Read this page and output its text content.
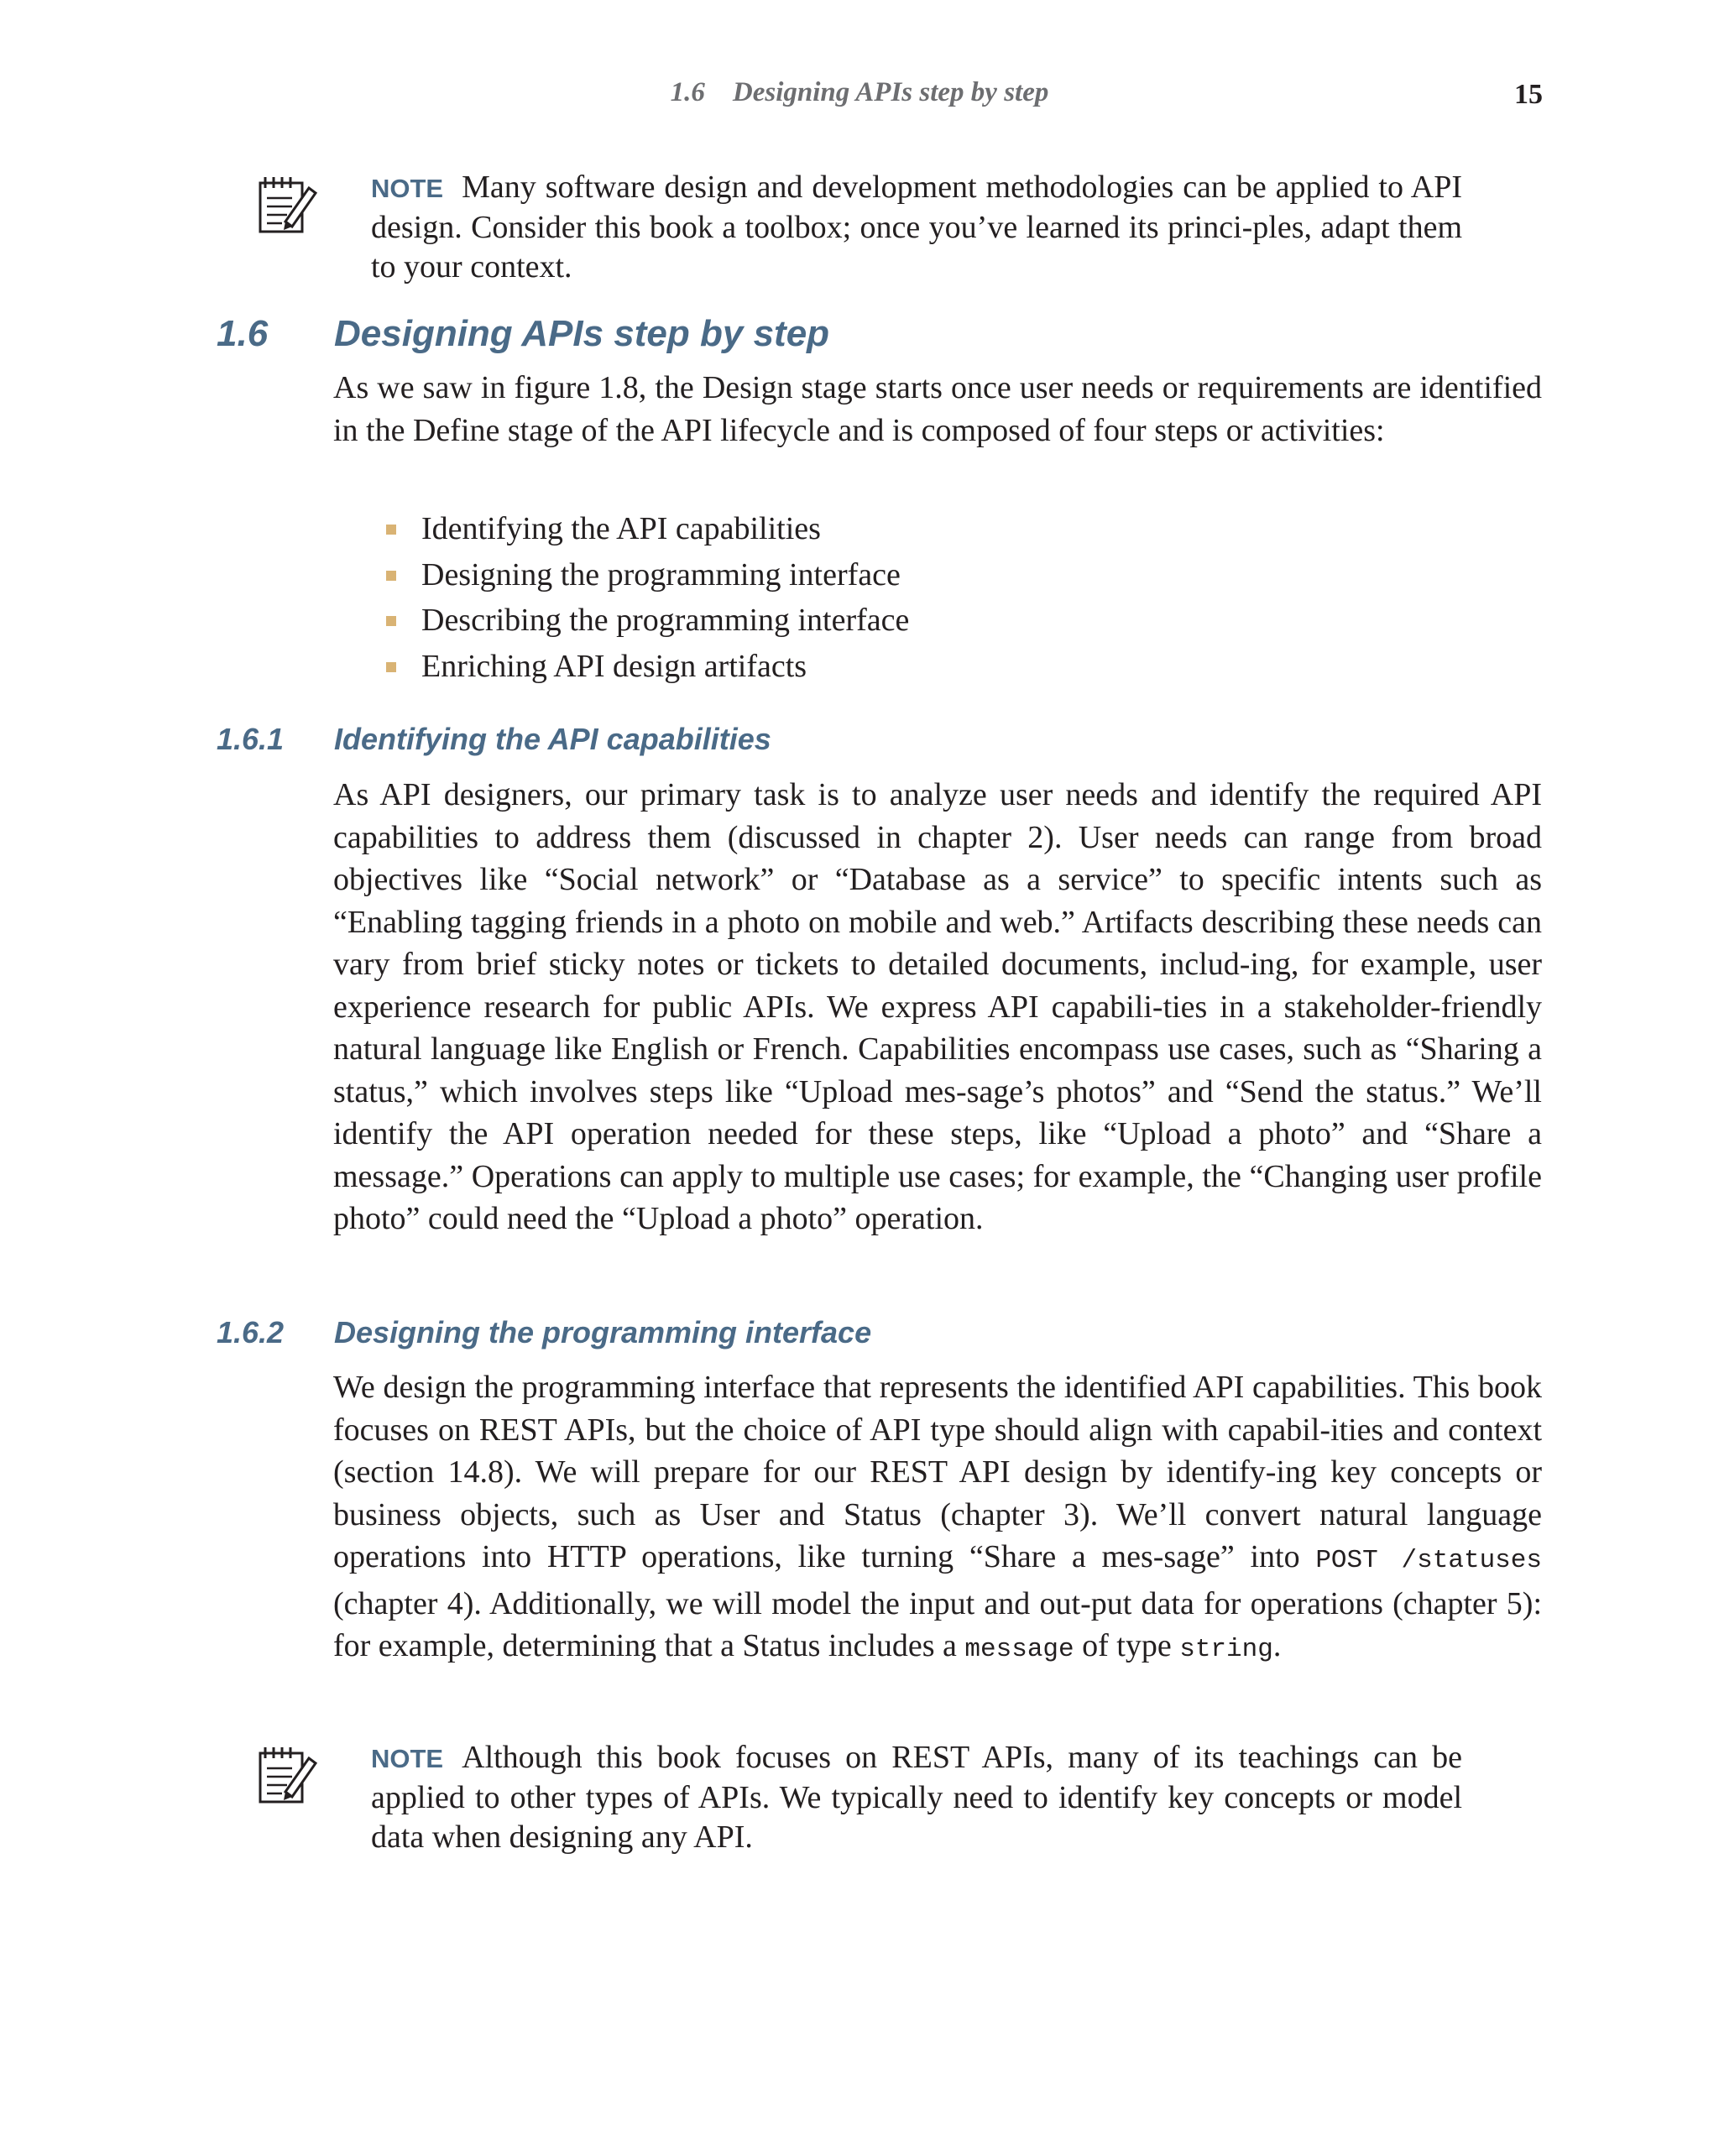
1.6    Designing APIs step by step	15
NOTE Many software design and development methodologies can be applied to API design. Consider this book a toolbox; once you’ve learned its princi-ples, adapt them to your context.
1.6 Designing APIs step by step

As we saw in figure 1.8, the Design stage starts once user needs or requirements are identified in the Define stage of the API lifecycle and is composed of four steps or activities:

Identifying the API capabilities
Designing the programming interface
Describing the programming interface
Enriching API design artifacts
1.6.1 Identifying the API capabilities

As API designers, our primary task is to analyze user needs and identify the required API capabilities to address them (discussed in chapter 2). User needs can range from broad objectives like “Social network” or “Database as a service” to specific intents such as “Enabling tagging friends in a photo on mobile and web.” Artifacts describing these needs can vary from brief sticky notes or tickets to detailed documents, includ-ing, for example, user experience research for public APIs. We express API capabili-ties in a stakeholder-friendly natural language like English or French. Capabilities encompass use cases, such as “Sharing a status,” which involves steps like “Upload mes-sage’s photos” and “Send the status.” We’ll identify the API operation needed for these steps, like “Upload a photo” and “Share a message.” Operations can apply to multiple use cases; for example, the “Changing user profile photo” could need the “Upload a photo” operation.

1.6.2 Designing the programming interface

We design the programming interface that represents the identified API capabilities. This book focuses on REST APIs, but the choice of API type should align with capabil-ities and context (section 14.8). We will prepare for our REST API design by identify-ing key concepts or business objects, such as User and Status (chapter 3). We’ll convert natural language operations into HTTP operations, like turning “Share a mes-sage” into POST /statuses (chapter 4). Additionally, we will model the input and out-put data for operations (chapter 5): for example, determining that a Status includes a message of type string.

NOTE Although this book focuses on REST APIs, many of its teachings can be applied to other types of APIs. We typically need to identify key concepts or model data when designing any API.
